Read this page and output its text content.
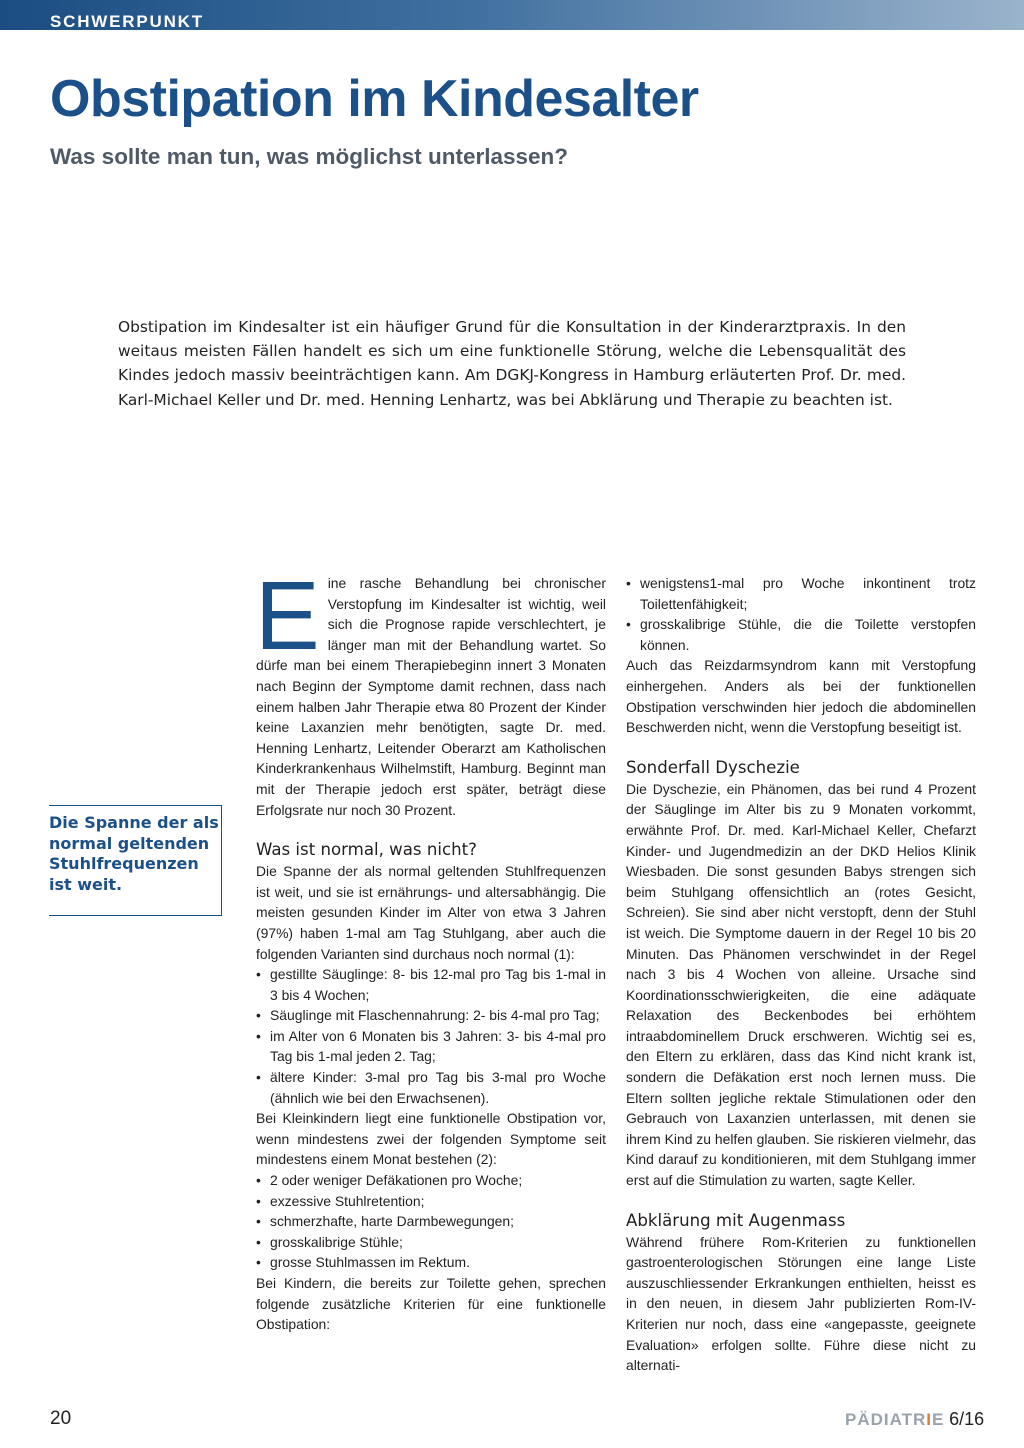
SCHWERPUNKT
Obstipation im Kindesalter
Was sollte man tun, was möglichst unterlassen?

Obstipation im Kindesalter ist ein häufiger Grund für die Konsultation in der Kinderarztpraxis. In den weitaus meisten Fällen handelt es sich um eine funktionelle Störung, welche die Lebensqualität des Kindes jedoch massiv beeinträchtigen kann. Am DGKJ-Kongress in Hamburg erläuterten Prof. Dr. med. Karl-Michael Keller und Dr. med. Henning Lenhartz, was bei Abklärung und Therapie zu beachten ist.

Die Spanne der als normal geltenden Stuhlfrequenzen ist weit.

Eine rasche Behandlung bei chronischer Verstopfung im Kindesalter ist wichtig, weil sich die Prognose rapide verschlechtert, je länger man mit der Behandlung wartet. So dürfe man bei einem Therapiebeginn innert 3 Monaten nach Beginn der Symptome damit rechnen, dass nach einem halben Jahr Therapie etwa 80 Prozent der Kinder keine Laxanzien mehr benötigten, sagte Dr. med. Henning Lenhartz, Leitender Oberarzt am Katholischen Kinderkrankenhaus Wilhelmstift, Hamburg. Beginnt man mit der Therapie jedoch erst später, beträgt diese Erfolgsrate nur noch 30 Prozent.

Was ist normal, was nicht?

Die Spanne der als normal geltenden Stuhlfrequenzen ist weit, und sie ist ernährungs- und altersabhängig. Die meisten gesunden Kinder im Alter von etwa 3 Jahren (97%) haben 1-mal am Tag Stuhlgang, aber auch die folgenden Varianten sind durchaus noch normal (1):

• gestillte Säuglinge: 8- bis 12-mal pro Tag bis 1-mal in 3 bis 4 Wochen;
• Säuglinge mit Flaschennahrung: 2- bis 4-mal pro Tag;
• im Alter von 6 Monaten bis 3 Jahren: 3- bis 4-mal pro Tag bis 1-mal jeden 2. Tag;
• ältere Kinder: 3-mal pro Tag bis 3-mal pro Woche (ähnlich wie bei den Erwachsenen).

Bei Kleinkindern liegt eine funktionelle Obstipation vor, wenn mindestens zwei der folgenden Symptome seit mindestens einem Monat bestehen (2):

• 2 oder weniger Defäkationen pro Woche;
• exzessive Stuhlretention;
• schmerzhafte, harte Darmbewegungen;
• grosskalibrige Stühle;
• grosse Stuhlmassen im Rektum.

Bei Kindern, die bereits zur Toilette gehen, sprechen folgende zusätzliche Kriterien für eine funktionelle Obstipation:

• wenigstens1-mal pro Woche inkontinent trotz Toilettenfähigkeit;
• grosskalibrige Stühle, die die Toilette verstopfen können.

Auch das Reizdarmsyndrom kann mit Verstopfung einhergehen. Anders als bei der funktionellen Obstipation verschwinden hier jedoch die abdominellen Beschwerden nicht, wenn die Verstopfung beseitigt ist.

Sonderfall Dyschezie

Die Dyschezie, ein Phänomen, das bei rund 4 Prozent der Säuglinge im Alter bis zu 9 Monaten vorkommt, erwähnte Prof. Dr. med. Karl-Michael Keller, Chefarzt Kinder- und Jugendmedizin an der DKD Helios Klinik Wiesbaden. Die sonst gesunden Babys strengen sich beim Stuhlgang offensichtlich an (rotes Gesicht, Schreien). Sie sind aber nicht verstopft, denn der Stuhl ist weich. Die Symptome dauern in der Regel 10 bis 20 Minuten. Das Phänomen verschwindet in der Regel nach 3 bis 4 Wochen von alleine. Ursache sind Koordinationsschwierigkeiten, die eine adäquate Relaxation des Beckenbodes bei erhöhtem intraabdominellem Druck erschweren. Wichtig sei es, den Eltern zu erklären, dass das Kind nicht krank ist, sondern die Defäkation erst noch lernen muss. Die Eltern sollten jegliche rektale Stimulationen oder den Gebrauch von Laxanzien unterlassen, mit denen sie ihrem Kind zu helfen glauben. Sie riskieren vielmehr, das Kind darauf zu konditionieren, mit dem Stuhlgang immer erst auf die Stimulation zu warten, sagte Keller.

Abklärung mit Augenmass

Während frühere Rom-Kriterien zu funktionellen gastroenterologischen Störungen eine lange Liste auszuschliessender Erkrankungen enthielten, heisst es in den neuen, in diesem Jahr publizierten Rom-IV-Kriterien nur noch, dass eine «angepasste, geeignete Evaluation» erfolgen sollte. Führe diese nicht zu alternati-

20	PÄDIATRIE 6/16
